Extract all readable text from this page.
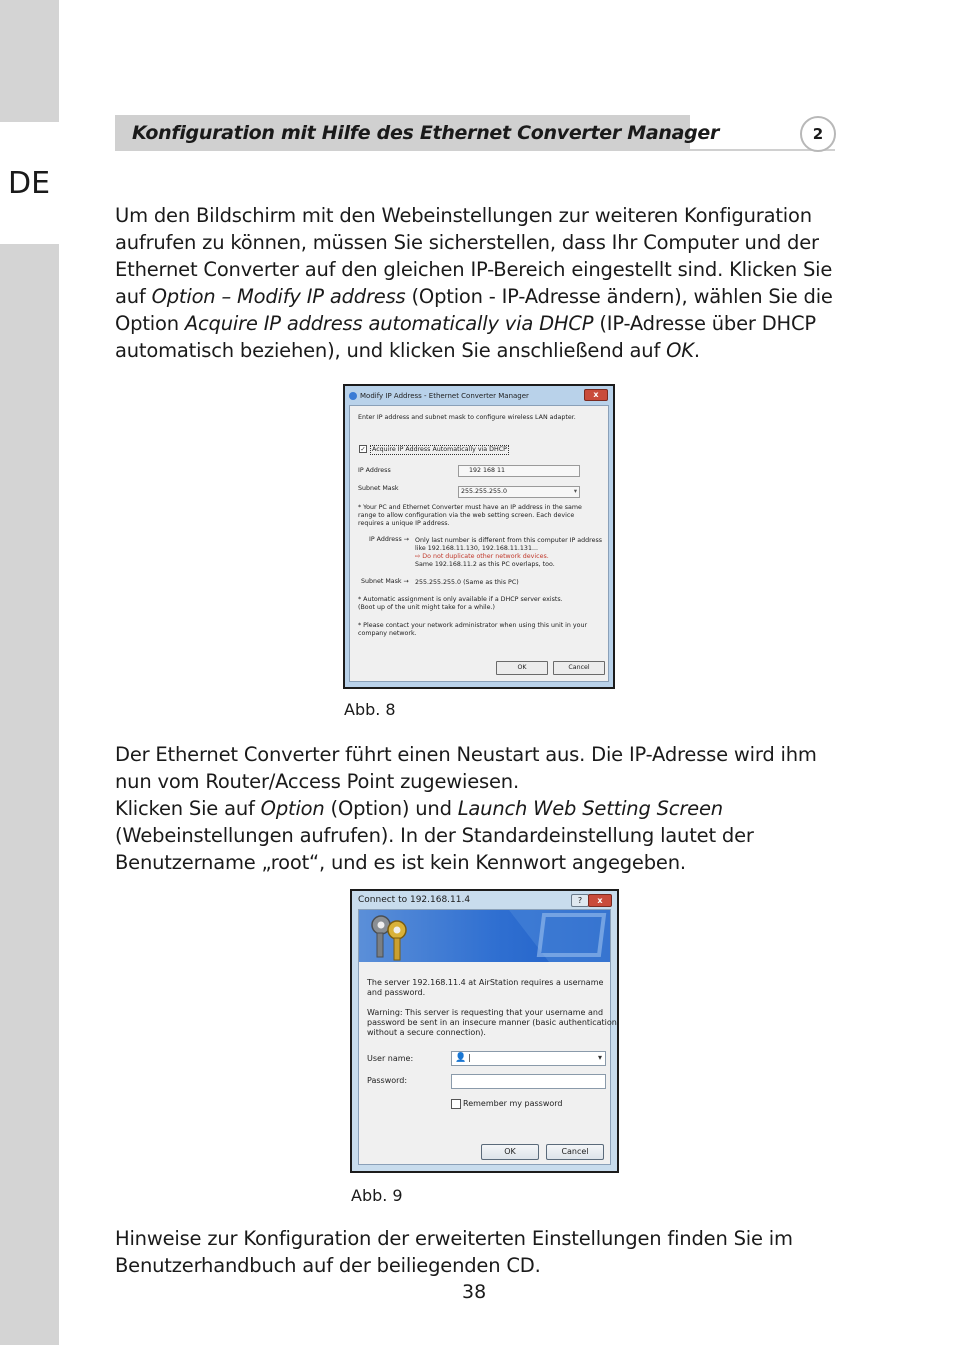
DE
Konfiguration mit Hilfe des Ethernet Converter Manager	2
Um den Bildschirm mit den Webeinstellungen zur weiteren Konfiguration aufrufen zu können, müssen Sie sicherstellen, dass Ihr Computer und der Ethernet Converter auf den gleichen IP-Bereich eingestellt sind. Klicken Sie auf Option – Modify IP address (Option - IP-Adresse ändern), wählen Sie die Option Acquire IP address automatically via DHCP (IP-Adresse über DHCP automatisch beziehen), und klicken Sie anschließend auf OK.
Modify IP Address - Ethernet Converter Manager	x
Enter IP address and subnet mask to configure wireless LAN adapter.
✓	Acquire IP Address Automatically via DHCP
IP Address	192 168 11
Subnet Mask	255.255.255.0	▾
* Your PC and Ethernet Converter must have an IP address in the same
range to allow configuration via the web setting screen. Each device
requires a unique IP address.
IP Address → Only last number is different from this computer IP address
like 192.168.11.130, 192.168.11.131...
⇨ Do not duplicate other network devices.
Same 192.168.11.2 as this PC overlaps, too.
Subnet Mask → 255.255.255.0 (Same as this PC)
* Automatic assignment is only available if a DHCP server exists.
(Boot up of the unit might take for a while.)
* Please contact your network administrator when using this unit in your
company network.
OK	Cancel
Abb. 8
Der Ethernet Converter führt einen Neustart aus. Die IP-Adresse wird ihm nun vom Router/Access Point zugewiesen.
Klicken Sie auf Option (Option) und Launch Web Setting Screen
(Webeinstellungen aufrufen). In der Standardeinstellung lautet der Benutzername „root“, und es ist kein Kennwort angegeben.
Connect to 192.168.11.4	?	x
The server 192.168.11.4 at AirStation requires a username
and password.
Warning: This server is requesting that your username and
password be sent in an insecure manner (basic authentication
without a secure connection).
User name:	👤 |	▾
Password:
Remember my password
OK	Cancel
Abb. 9
Hinweise zur Konfiguration der erweiterten Einstellungen finden Sie im Benutzerhandbuch auf der beiliegenden CD.
38
